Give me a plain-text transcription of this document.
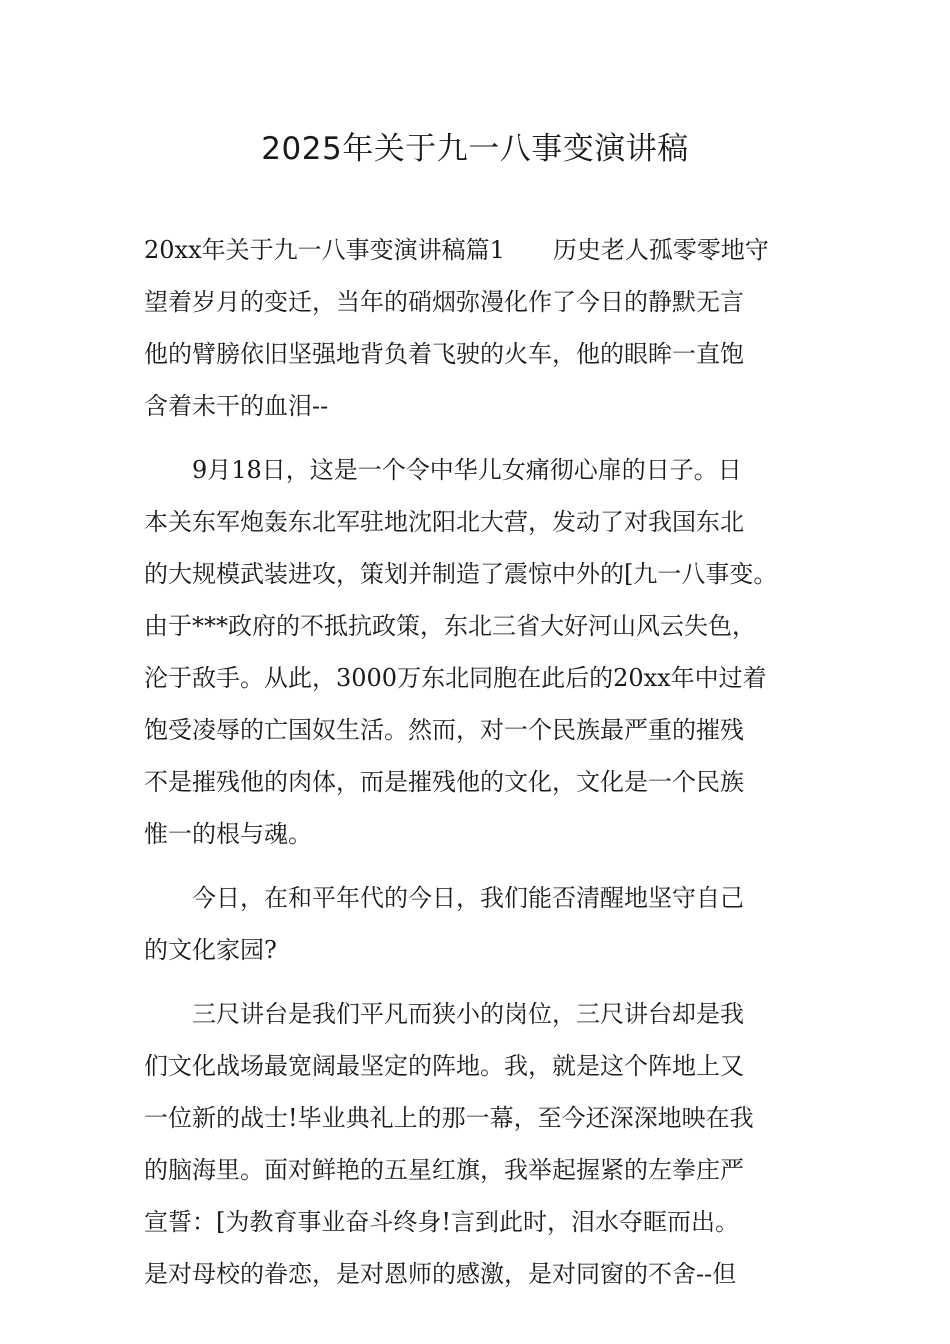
2025年关于九一八事变演讲稿
20xx年关于九一八事变演讲稿篇1 历史老人孤零零地守
望着岁月的变迁，当年的硝烟弥漫化作了今日的静默无言
他的臂膀依旧坚强地背负着飞驶的火车，他的眼眸一直饱
含着未干的血泪--
9月18日，这是一个令中华儿女痛彻心扉的日子。日
本关东军炮轰东北军驻地沈阳北大营，发动了对我国东北
的大规模武装进攻，策划并制造了震惊中外的[九一八事变。
由于***政府的不抵抗政策，东北三省大好河山风云失色，
沦于敌手。从此，3000万东北同胞在此后的20xx年中过着
饱受凌辱的亡国奴生活。然而，对一个民族最严重的摧残
不是摧残他的肉体，而是摧残他的文化，文化是一个民族
惟一的根与魂。
今日，在和平年代的今日，我们能否清醒地坚守自己
的文化家园?
三尺讲台是我们平凡而狭小的岗位，三尺讲台却是我
们文化战场最宽阔最坚定的阵地。我，就是这个阵地上又
一位新的战士!毕业典礼上的那一幕，至今还深深地映在我
的脑海里。面对鲜艳的五星红旗，我举起握紧的左拳庄严
宣誓：[为教育事业奋斗终身!言到此时，泪水夺眶而出。
是对母校的眷恋，是对恩师的感激，是对同窗的不舍--但
